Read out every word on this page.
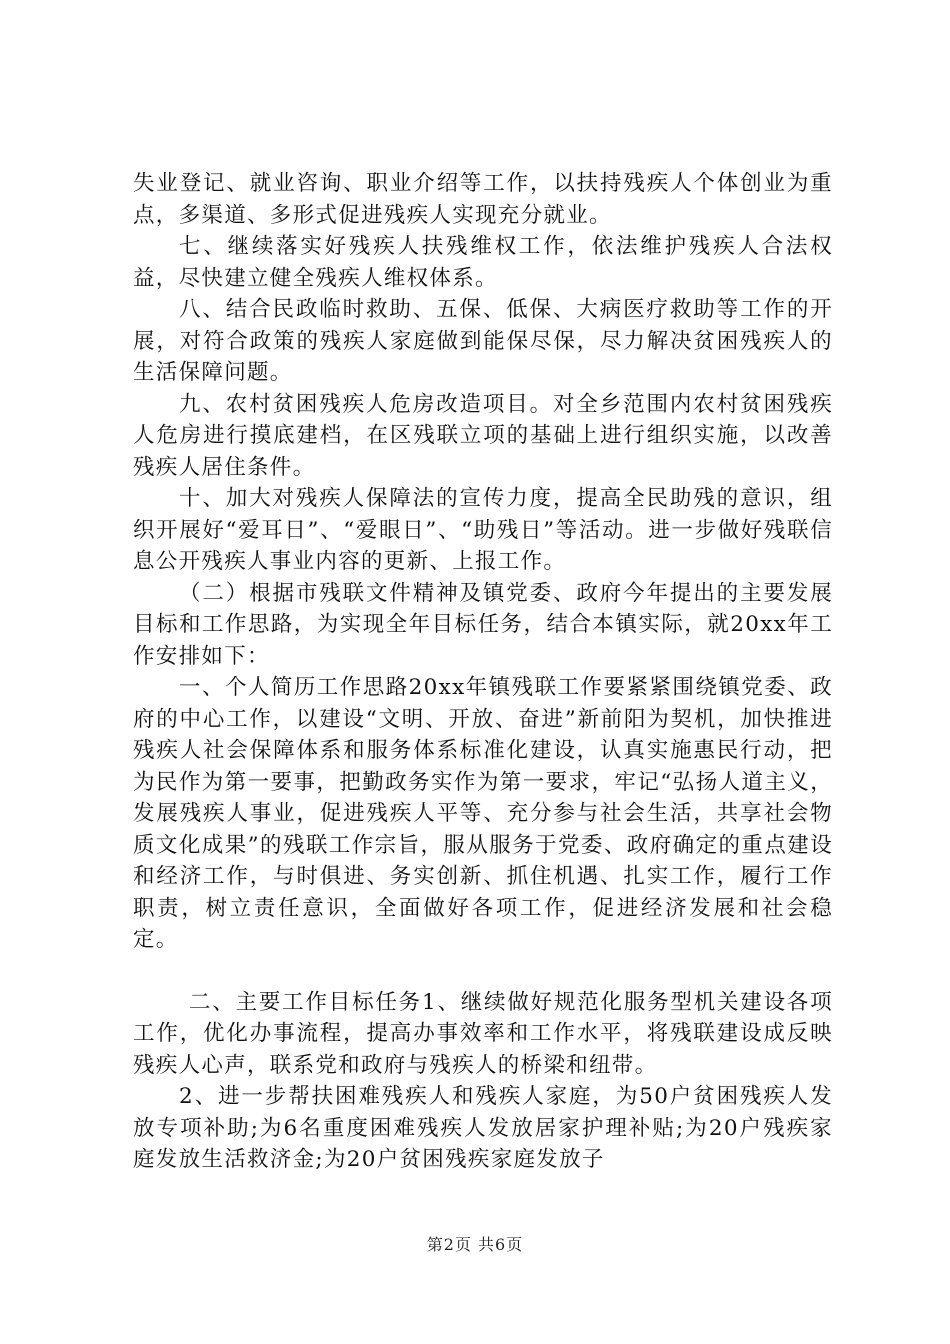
失业登记、就业咨询、职业介绍等工作，以扶持残疾人个体创业为重点，多渠道、多形式促进残疾人实现充分就业。

七、继续落实好残疾人扶残维权工作，依法维护残疾人合法权益，尽快建立健全残疾人维权体系。

八、结合民政临时救助、五保、低保、大病医疗救助等工作的开展，对符合政策的残疾人家庭做到能保尽保，尽力解决贫困残疾人的生活保障问题。

九、农村贫困残疾人危房改造项目。对全乡范围内农村贫困残疾人危房进行摸底建档，在区残联立项的基础上进行组织实施，以改善残疾人居住条件。

十、加大对残疾人保障法的宣传力度，提高全民助残的意识，组织开展好“爱耳日”、“爱眼日”、“助残日”等活动。进一步做好残联信息公开残疾人事业内容的更新、上报工作。

（二）根据市残联文件精神及镇党委、政府今年提出的主要发展目标和工作思路，为实现全年目标任务，结合本镇实际，就20xx年工作安排如下：

一、个人简历工作思路20xx年镇残联工作要紧紧围绕镇党委、政府的中心工作，以建设“文明、开放、奋进”新前阳为契机，加快推进残疾人社会保障体系和服务体系标准化建设，认真实施惠民行动，把为民作为第一要事，把勤政务实作为第一要求，牢记“弘扬人道主义，发展残疾人事业，促进残疾人平等、充分参与社会生活，共享社会物质文化成果”的残联工作宗旨，服从服务于党委、政府确定的重点建设和经济工作，与时俱进、务实创新、抓住机遇、扎实工作，履行工作职责，树立责任意识，全面做好各项工作，促进经济发展和社会稳定。

二、主要工作目标任务1、继续做好规范化服务型机关建设各项工作，优化办事流程，提高办事效率和工作水平，将残联建设成反映残疾人心声，联系党和政府与残疾人的桥梁和纽带。

2、进一步帮扶困难残疾人和残疾人家庭，为50户贫困残疾人发放专项补助;为6名重度困难残疾人发放居家护理补贴;为20户残疾家庭发放生活救济金;为20户贫困残疾家庭发放子

第2页 共6页
